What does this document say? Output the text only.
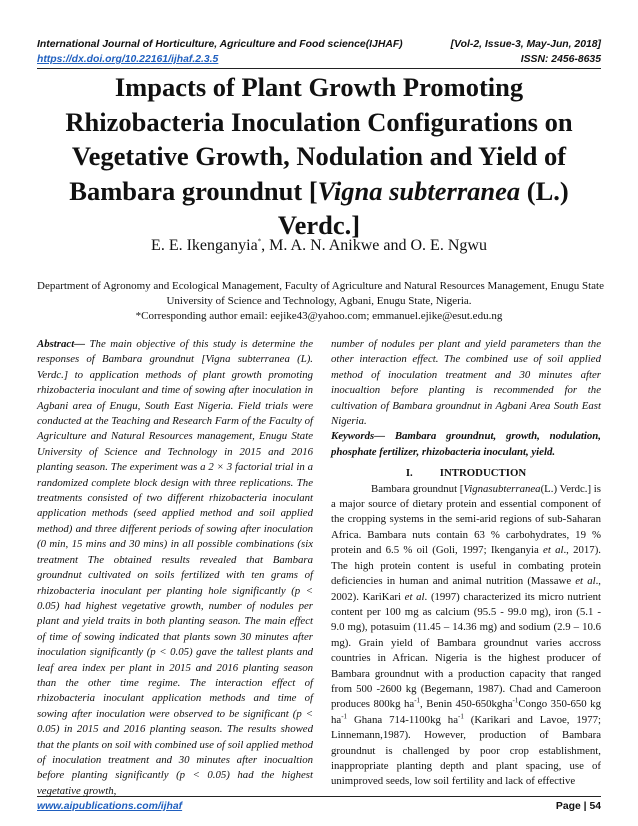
International Journal of Horticulture, Agriculture and Food science(IJHAF)	[Vol-2, Issue-3, May-Jun, 2018]
https://dx.doi.org/10.22161/ijhaf.2.3.5	ISSN: 2456-8635
Impacts of Plant Growth Promoting
Rhizobacteria Inoculation Configurations on
Vegetative Growth, Nodulation and Yield of
Bambara groundnut [Vigna subterranea (L.)
Verdc.]
E. E. Ikenganyia*, M. A. N. Anikwe and O. E. Ngwu
Department of Agronomy and Ecological Management, Faculty of Agriculture and Natural Resources Management, Enugu State
University of Science and Technology, Agbani, Enugu State, Nigeria.
*Corresponding author email: eejike43@yahoo.com; emmanuel.ejike@esut.edu.ng

Abstract— The main objective of this study is determine the responses of Bambara groundnut [Vigna subterranea (L). Verdc.] to application methods of plant growth promoting rhizobacteria inoculant and time of sowing after inoculation in Agbani area of Enugu, South East Nigeria. Field trials were conducted at the Teaching and Research Farm of the Faculty of Agriculture and Natural Resources management, Enugu State University of Science and Technology in 2015 and 2016 planting season. The experiment was a 2 × 3 factorial trial in a randomized complete block design with three replications. The treatments consisted of two different rhizobacteria inoculant application methods (seed applied method and soil applied method) and three different periods of sowing after inoculation (0 min, 15 mins and 30 mins) in all possible combinations (six treatment The obtained results revealed that Bambara groundnut cultivated on soils fertilized with ten grams of rhizobacteria inoculant per planting hole significantly (p < 0.05) had highest vegetative growth, number of nodules per plant and yield traits in both planting season. The main effect of time of sowing indicated that plants sown 30 minutes after inoculation significantly (p < 0.05) gave the tallest plants and leaf area index per plant in 2015 and 2016 planting season than the other time regime. The interaction effect of rhizobacteria inoculant application methods and time of sowing after inoculation were observed to be significant (p < 0.05) in 2015 and 2016 planting season. The results showed that the plants on soil with combined use of soil applied method of inoculation treatment and 30 minutes after inocualtion before planting significantly (p < 0.05) had the highest vegetative growth,

number of nodules per plant and yield parameters than the other interaction effect. The combined use of soil applied method of inoculation treatment and 30 minutes after inocualtion before planting is recommended for the cultivation of Bambara groundnut in Agbani Area South East Nigeria.

Keywords— Bambara groundnut, growth, nodulation, phosphate fertilizer, rhizobacteria inoculant, yield.

I.          INTRODUCTION

Bambara groundnut [Vignasubterranea(L.) Verdc.] is a major source of dietary protein and essential component of the cropping systems in the semi-arid regions of sub-Saharan Africa. Bambara nuts contain 63 % carbohydrates, 19 % protein and 6.5 % oil (Goli, 1997; Ikenganyia et al., 2017). The high protein content is useful in combating protein deficiencies in human and animal nutrition (Massawe et al., 2002). KariKari et al. (1997) characterized its micro nutrient content per 100 mg as calcium (95.5 - 99.0 mg), iron (5.1 - 9.0 mg), potasuim (11.45 – 14.36 mg) and sodium (2.9 – 10.6 mg). Grain yield of Bambara groundnut varies accross countries in African. Nigeria is the highest producer of Bambara groundnut with a production capacity that ranged from 500 -2600 kg (Begemann, 1987). Chad and Cameroon produces 800kg $ha^{-1}$, Benin 450-650kgha$^{-1}$Congo 350-650 kg $ha^{-1}$ Ghana 714-1100kg $ha^{-1}$ (Karikari and Lavoe, 1977; Linnemann,1987). However, production of Bambara groundnut is challenged by poor crop establishment, inappropriate planting depth and plant spacing, use of unimproved seeds, low soil fertility and lack of effective

www.aipublications.com/ijhaf	Page | 54
